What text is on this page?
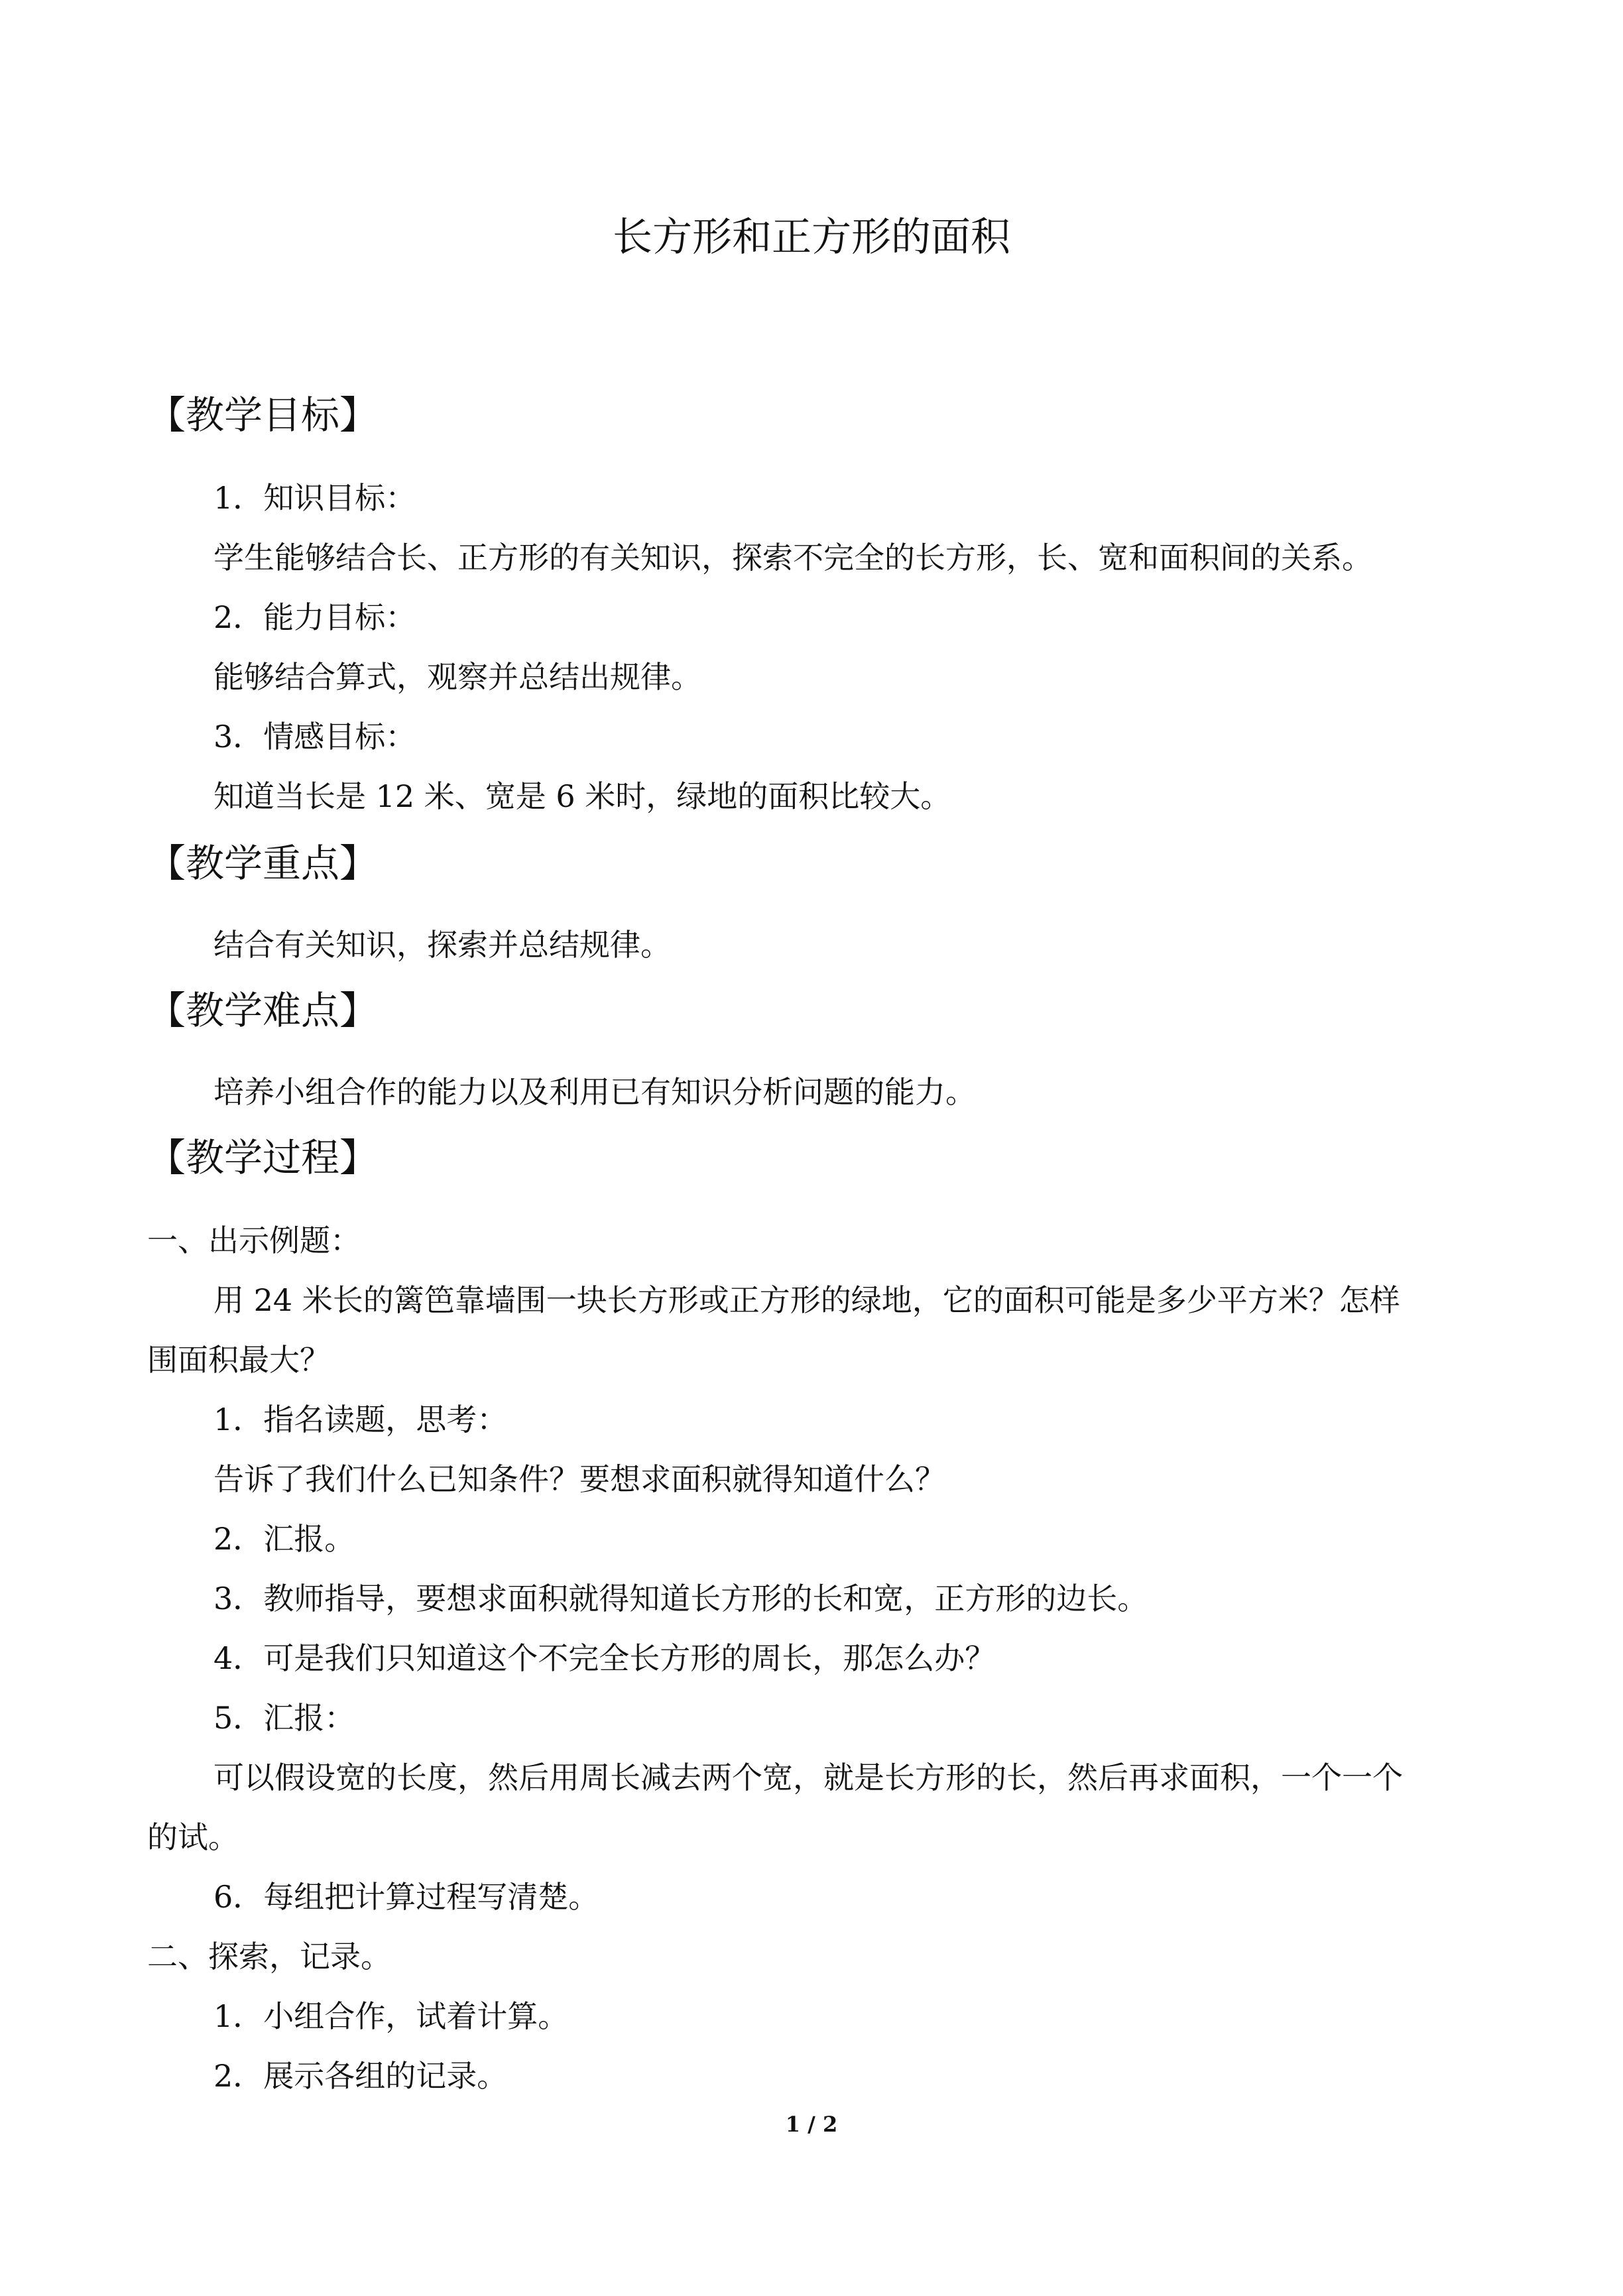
长方形和正方形的面积
【教学目标】
1．知识目标：
学生能够结合长、正方形的有关知识，探索不完全的长方形，长、宽和面积间的关系。
2．能力目标：
能够结合算式，观察并总结出规律。
3．情感目标：
知道当长是 12 米、宽是 6 米时，绿地的面积比较大。
【教学重点】
结合有关知识，探索并总结规律。
【教学难点】
培养小组合作的能力以及利用已有知识分析问题的能力。
【教学过程】
一、出示例题：
用 24 米长的篱笆靠墙围一块长方形或正方形的绿地，它的面积可能是多少平方米？怎样
围面积最大？
1．指名读题，思考：
告诉了我们什么已知条件？要想求面积就得知道什么？
2．汇报。
3．教师指导，要想求面积就得知道长方形的长和宽，正方形的边长。
4．可是我们只知道这个不完全长方形的周长，那怎么办？
5．汇报：
可以假设宽的长度，然后用周长减去两个宽，就是长方形的长，然后再求面积，一个一个
的试。
6．每组把计算过程写清楚。
二、探索，记录。
1．小组合作，试着计算。
2．展示各组的记录。
1 / 2
